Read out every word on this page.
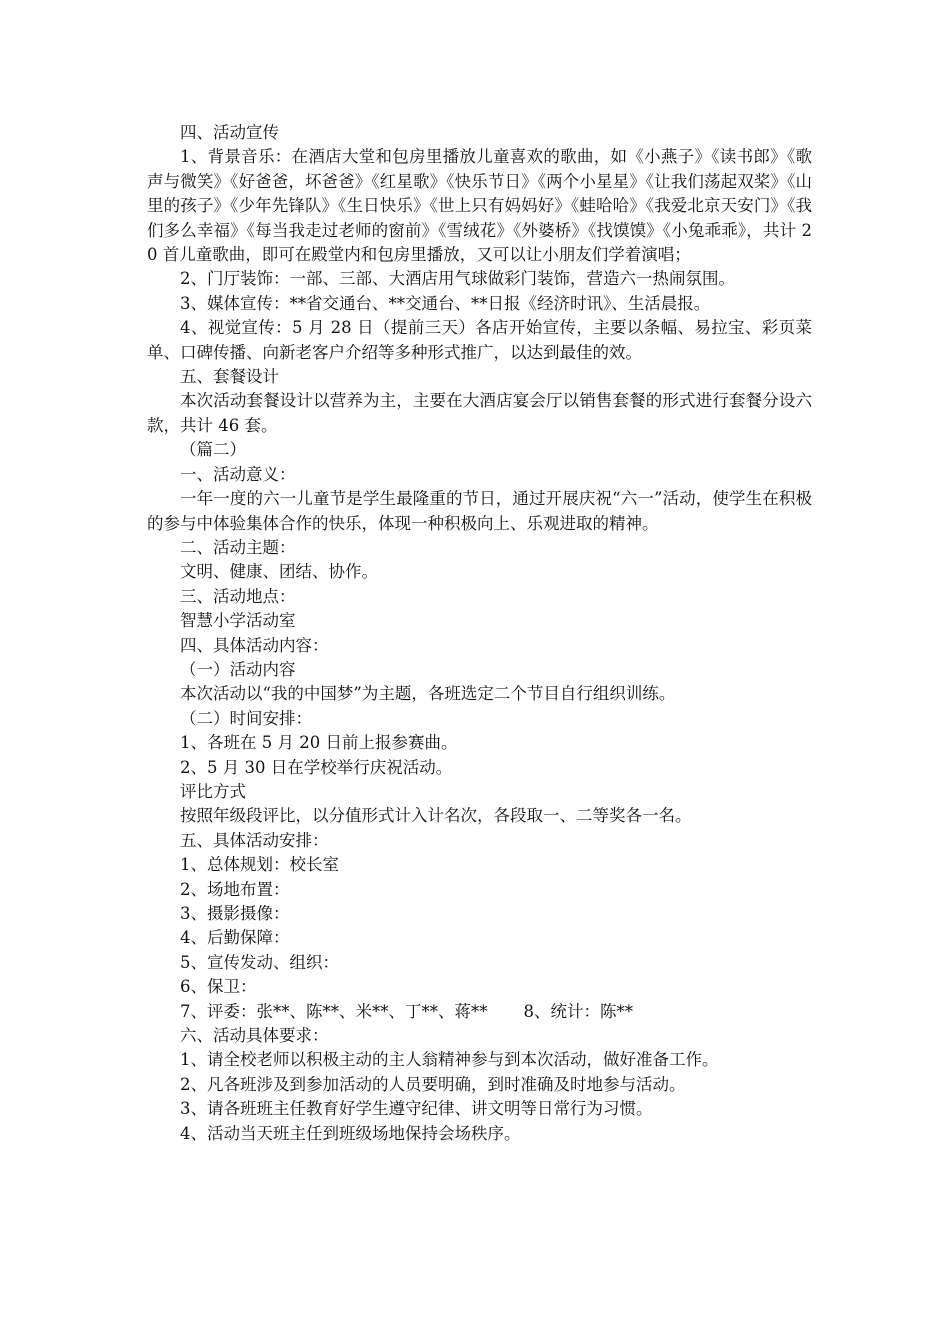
四、活动宣传

1、背景音乐：在酒店大堂和包房里播放儿童喜欢的歌曲，如《小燕子》《读书郎》《歌声与微笑》《好爸爸，坏爸爸》《红星歌》《快乐节日》《两个小星星》《让我们荡起双桨》《山里的孩子》《少年先锋队》《生日快乐》《世上只有妈妈好》《蛙哈哈》《我爱北京天安门》《我们多么幸福》《每当我走过老师的窗前》《雪绒花》《外婆桥》《找馍馍》《小兔乖乖》，共计 20 首儿童歌曲，即可在殿堂内和包房里播放，又可以让小朋友们学着演唱；

2、门厅装饰：一部、三部、大酒店用气球做彩门装饰，营造六一热闹氛围。

3、媒体宣传：**省交通台、**交通台、**日报《经济时讯》、生活晨报。

4、视觉宣传：5 月 28 日（提前三天）各店开始宣传，主要以条幅、易拉宝、彩页菜单、口碑传播、向新老客户介绍等多种形式推广，以达到最佳的效。

五、套餐设计

本次活动套餐设计以营养为主，主要在大酒店宴会厅以销售套餐的形式进行套餐分设六款，共计 46 套。

（篇二）

一、活动意义：

一年一度的六一儿童节是学生最隆重的节日，通过开展庆祝“六一”活动，使学生在积极的参与中体验集体合作的快乐，体现一种积极向上、乐观进取的精神。

二、活动主题：

文明、健康、团结、协作。

三、活动地点：

智慧小学活动室

四、具体活动内容：

（一）活动内容

本次活动以“我的中国梦”为主题，各班选定二个节目自行组织训练。

（二）时间安排：

1、各班在 5 月 20 日前上报参赛曲。

2、5 月 30 日在学校举行庆祝活动。

评比方式

按照年级段评比，以分值形式计入计名次，各段取一、二等奖各一名。

五、具体活动安排：

1、总体规划：校长室

2、场地布置：

3、摄影摄像：

4、后勤保障：

5、宣传发动、组织：

6、保卫：

7、评委：张**、陈**、米**、丁**、蒋** 8、统计：陈**

六、活动具体要求：

1、请全校老师以积极主动的主人翁精神参与到本次活动，做好准备工作。

2、凡各班涉及到参加活动的人员要明确，到时准确及时地参与活动。

3、请各班班主任教育好学生遵守纪律、讲文明等日常行为习惯。

4、活动当天班主任到班级场地保持会场秩序。
